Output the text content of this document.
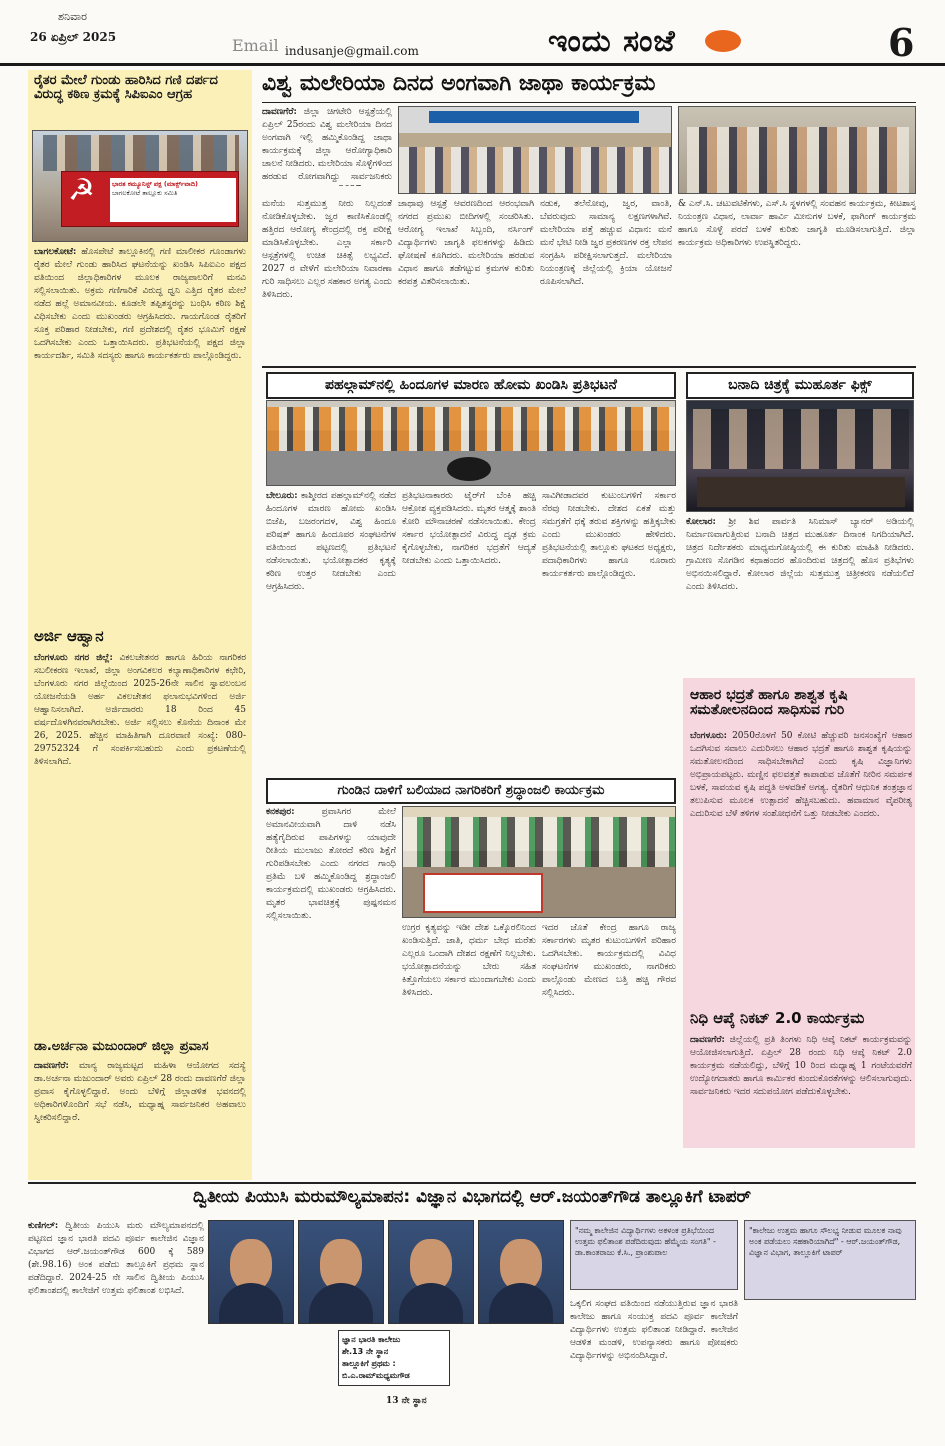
ಶನಿವಾರ
26 ಏಪ್ರಿಲ್ 2025	Email indusanje@gmail.com	ಇಂದು ಸಂಜೆ	6
ರೈತರ ಮೇಲೆ ಗುಂಡು ಹಾರಿಸಿದ ಗಣಿ ದರ್ಪದ ವಿರುದ್ಧ ಕಠಿಣ ಕ್ರಮಕ್ಕೆ ಸಿಪಿಐಎಂ ಆಗ್ರಹ
☭	ಭಾರತ ಕಮ್ಯೂನಿಸ್ಟ್ ಪಕ್ಷ (ಮಾರ್ಕ್ಸ್‌ವಾದಿ)
ಬಾಗಲಕೋಟೆ ತಾಲ್ಲೂಕು ಸಮಿತಿ
ಬಾಗಲಕೋಟೆ: ಹೊಸಪೇಟೆ ತಾಲ್ಲೂಕಿನಲ್ಲಿ ಗಣಿ ಮಾಲೀಕರ ಗೂಂಡಾಗಳು ರೈತರ ಮೇಲೆ ಗುಂಡು ಹಾರಿಸಿದ ಘಟನೆಯನ್ನು ಖಂಡಿಸಿ ಸಿಪಿಐಎಂ ಪಕ್ಷದ ವತಿಯಿಂದ ಜಿಲ್ಲಾಧಿಕಾರಿಗಳ ಮೂಲಕ ರಾಜ್ಯಪಾಲರಿಗೆ ಮನವಿ ಸಲ್ಲಿಸಲಾಯಿತು. ಅಕ್ರಮ ಗಣಿಗಾರಿಕೆ ವಿರುದ್ಧ ಧ್ವನಿ ಎತ್ತಿದ ರೈತರ ಮೇಲೆ ನಡೆದ ಹಲ್ಲೆ ಅಮಾನವೀಯ. ಕೂಡಲೇ ತಪ್ಪಿತಸ್ಥರನ್ನು ಬಂಧಿಸಿ ಕಠಿಣ ಶಿಕ್ಷೆ ವಿಧಿಸಬೇಕು ಎಂದು ಮುಖಂಡರು ಆಗ್ರಹಿಸಿದರು. ಗಾಯಗೊಂಡ ರೈತರಿಗೆ ಸೂಕ್ತ ಪರಿಹಾರ ನೀಡಬೇಕು, ಗಣಿ ಪ್ರದೇಶದಲ್ಲಿ ರೈತರ ಭೂಮಿಗೆ ರಕ್ಷಣೆ ಒದಗಿಸಬೇಕು ಎಂದು ಒತ್ತಾಯಿಸಿದರು. ಪ್ರತಿಭಟನೆಯಲ್ಲಿ ಪಕ್ಷದ ಜಿಲ್ಲಾ ಕಾರ್ಯದರ್ಶಿ, ಸಮಿತಿ ಸದಸ್ಯರು ಹಾಗೂ ಕಾರ್ಯಕರ್ತರು ಪಾಲ್ಗೊಂಡಿದ್ದರು.
ಅರ್ಜಿ ಆಹ್ವಾನ
ಬೆಂಗಳೂರು ನಗರ ಜಿಲ್ಲೆ: ವಿಕಲಚೇತನರ ಹಾಗೂ ಹಿರಿಯ ನಾಗರಿಕರ ಸಬಲೀಕರಣ ಇಲಾಖೆ, ಜಿಲ್ಲಾ ಅಂಗವಿಕಲರ ಕಲ್ಯಾಣಾಧಿಕಾರಿಗಳ ಕಛೇರಿ, ಬೆಂಗಳೂರು ನಗರ ಜಿಲ್ಲೆಯಿಂದ 2025-26ನೇ ಸಾಲಿನ ಸ್ವಾವಲಂಬನ ಯೋಜನೆಯಡಿ ಅರ್ಹ ವಿಕಲಚೇತನ ಫಲಾನುಭವಿಗಳಿಂದ ಅರ್ಜಿ ಆಹ್ವಾನಿಸಲಾಗಿದೆ. ಅರ್ಜಿದಾರರು 18 ರಿಂದ 45 ವರ್ಷದೊಳಗಿನವರಾಗಿರಬೇಕು. ಅರ್ಜಿ ಸಲ್ಲಿಸಲು ಕೊನೆಯ ದಿನಾಂಕ ಮೇ 26, 2025. ಹೆಚ್ಚಿನ ಮಾಹಿತಿಗಾಗಿ ದೂರವಾಣಿ ಸಂಖ್ಯೆ: 080-29752324 ಗೆ ಸಂಪರ್ಕಿಸಬಹುದು ಎಂದು ಪ್ರಕಟಣೆಯಲ್ಲಿ ತಿಳಿಸಲಾಗಿದೆ.
ಡಾ.ಅರ್ಚನಾ ಮಜುಂದಾರ್ ಜಿಲ್ಲಾ ಪ್ರವಾಸ
ದಾವಣಗೆರೆ: ಮಾನ್ಯ ರಾಜ್ಯಮಟ್ಟದ ಮಹಿಳಾ ಆಯೋಗದ ಸದಸ್ಯೆ ಡಾ.ಅರ್ಚನಾ ಮಜುಂದಾರ್ ಅವರು ಏಪ್ರಿಲ್ 28 ರಂದು ದಾವಣಗೆರೆ ಜಿಲ್ಲಾ ಪ್ರವಾಸ ಕೈಗೊಳ್ಳಲಿದ್ದಾರೆ. ಅಂದು ಬೆಳಿಗ್ಗೆ ಜಿಲ್ಲಾಡಳಿತ ಭವನದಲ್ಲಿ ಅಧಿಕಾರಿಗಳೊಂದಿಗೆ ಸಭೆ ನಡೆಸಿ, ಮಧ್ಯಾಹ್ನ ಸಾರ್ವಜನಿಕರ ಅಹವಾಲು ಸ್ವೀಕರಿಸಲಿದ್ದಾರೆ.
ವಿಶ್ವ ಮಲೇರಿಯಾ ದಿನದ ಅಂಗವಾಗಿ ಜಾಥಾ ಕಾರ್ಯಕ್ರಮ
ದಾವಣಗೆರೆ: ಜಿಲ್ಲಾ ಚಿಗಟೇರಿ ಆಸ್ಪತ್ರೆಯಲ್ಲಿ ಏಪ್ರಿಲ್ 25ರಂದು ವಿಶ್ವ ಮಲೇರಿಯಾ ದಿನದ ಅಂಗವಾಗಿ ಇಲ್ಲಿ ಹಮ್ಮಿಕೊಂಡಿದ್ದ ಜಾಥಾ ಕಾರ್ಯಕ್ರಮಕ್ಕೆ ಜಿಲ್ಲಾ ಆರೋಗ್ಯಾಧಿಕಾರಿ ಚಾಲನೆ ನೀಡಿದರು. ಮಲೇರಿಯಾ ಸೊಳ್ಳೆಗಳಿಂದ ಹರಡುವ ರೋಗವಾಗಿದ್ದು ಸಾರ್ವಜನಿಕರು
ಮನೆಯ ಸುತ್ತಮುತ್ತ ನೀರು ನಿಲ್ಲದಂತೆ ನೋಡಿಕೊಳ್ಳಬೇಕು. ಜ್ವರ ಕಾಣಿಸಿಕೊಂಡಲ್ಲಿ ಹತ್ತಿರದ ಆರೋಗ್ಯ ಕೇಂದ್ರದಲ್ಲಿ ರಕ್ತ ಪರೀಕ್ಷೆ ಮಾಡಿಸಿಕೊಳ್ಳಬೇಕು. ಎಲ್ಲಾ ಸರ್ಕಾರಿ ಆಸ್ಪತ್ರೆಗಳಲ್ಲಿ ಉಚಿತ ಚಿಕಿತ್ಸೆ ಲಭ್ಯವಿದೆ. 2027 ರ ವೇಳೆಗೆ ಮಲೇರಿಯಾ ನಿವಾರಣಾ ಗುರಿ ಸಾಧಿಸಲು ಎಲ್ಲರ ಸಹಕಾರ ಅಗತ್ಯ ಎಂದು ತಿಳಿಸಿದರು.
ಜಾಥಾವು ಆಸ್ಪತ್ರೆ ಆವರಣದಿಂದ ಆರಂಭವಾಗಿ ನಗರದ ಪ್ರಮುಖ ಬೀದಿಗಳಲ್ಲಿ ಸಂಚರಿಸಿತು. ಆರೋಗ್ಯ ಇಲಾಖೆ ಸಿಬ್ಬಂದಿ, ನರ್ಸಿಂಗ್ ವಿದ್ಯಾರ್ಥಿಗಳು ಜಾಗೃತಿ ಫಲಕಗಳನ್ನು ಹಿಡಿದು ಘೋಷಣೆ ಕೂಗಿದರು. ಮಲೇರಿಯಾ ಹರಡುವ ವಿಧಾನ ಹಾಗೂ ತಡೆಗಟ್ಟುವ ಕ್ರಮಗಳ ಕುರಿತು ಕರಪತ್ರ ವಿತರಿಸಲಾಯಿತು.
ನಡುಕ, ತಲೆನೋವು, ಜ್ವರ, ವಾಂತಿ, ಬೆವರುವುದು ಸಾಮಾನ್ಯ ಲಕ್ಷಣಗಳಾಗಿವೆ. ಮಲೇರಿಯಾ ಪತ್ತೆ ಹಚ್ಚುವ ವಿಧಾನ: ಮನೆ ಮನೆ ಭೇಟಿ ನೀಡಿ ಜ್ವರ ಪ್ರಕರಣಗಳ ರಕ್ತ ಲೇಪನ ಸಂಗ್ರಹಿಸಿ ಪರೀಕ್ಷಿಸಲಾಗುತ್ತದೆ. ಮಲೇರಿಯಾ ನಿಯಂತ್ರಣಕ್ಕೆ ಜಿಲ್ಲೆಯಲ್ಲಿ ಕ್ರಿಯಾ ಯೋಜನೆ ರೂಪಿಸಲಾಗಿದೆ.
& ಎನ್.ಸಿ. ಚಟುವಟಿಕೆಗಳು, ಎಸ್.ಸಿ ಸ್ಥಳಗಳಲ್ಲಿ ಸಂವಹನ ಕಾರ್ಯಕ್ರಮ, ಕೀಟಶಾಸ್ತ್ರ ನಿಯಂತ್ರಣ ವಿಧಾನ, ಲಾರ್ವಾ ಹಾರ್ವಿ ಮೀನುಗಳ ಬಳಕೆ, ಫಾಗಿಂಗ್ ಕಾರ್ಯಕ್ರಮ ಹಾಗೂ ಸೊಳ್ಳೆ ಪರದೆ ಬಳಕೆ ಕುರಿತು ಜಾಗೃತಿ ಮೂಡಿಸಲಾಗುತ್ತಿದೆ. ಜಿಲ್ಲಾ ಕಾರ್ಯಕ್ರಮ ಅಧಿಕಾರಿಗಳು ಉಪಸ್ಥಿತರಿದ್ದರು.
ಪಹಲ್ಗಾಮ್‌ನಲ್ಲಿ ಹಿಂದೂಗಳ ಮಾರಣ ಹೋಮ ಖಂಡಿಸಿ ಪ್ರತಿಭಟನೆ
ಬೇಲೂರು: ಕಾಶ್ಮೀರದ ಪಹಲ್ಗಾಮ್‌ನಲ್ಲಿ ನಡೆದ ಹಿಂದೂಗಳ ಮಾರಣ ಹೋಮ ಖಂಡಿಸಿ ಬಿಜೆಪಿ, ಬಜರಂಗದಳ, ವಿಶ್ವ ಹಿಂದೂ ಪರಿಷತ್ ಹಾಗೂ ಹಿಂದೂಪರ ಸಂಘಟನೆಗಳ ವತಿಯಿಂದ ಪಟ್ಟಣದಲ್ಲಿ ಪ್ರತಿಭಟನೆ ನಡೆಸಲಾಯಿತು. ಭಯೋತ್ಪಾದಕರ ಕೃತ್ಯಕ್ಕೆ ಕಠಿಣ ಉತ್ತರ ನೀಡಬೇಕು ಎಂದು ಆಗ್ರಹಿಸಿದರು.
ಪ್ರತಿಭಟನಾಕಾರರು ಟೈರ್‌ಗೆ ಬೆಂಕಿ ಹಚ್ಚಿ ಆಕ್ರೋಶ ವ್ಯಕ್ತಪಡಿಸಿದರು. ಮೃತರ ಆತ್ಮಕ್ಕೆ ಶಾಂತಿ ಕೋರಿ ಮೌನಾಚರಣೆ ನಡೆಸಲಾಯಿತು. ಕೇಂದ್ರ ಸರ್ಕಾರ ಭಯೋತ್ಪಾದನೆ ವಿರುದ್ಧ ದೃಢ ಕ್ರಮ ಕೈಗೊಳ್ಳಬೇಕು, ನಾಗರಿಕರ ಭದ್ರತೆಗೆ ಆದ್ಯತೆ ನೀಡಬೇಕು ಎಂದು ಒತ್ತಾಯಿಸಿದರು.
ಸಾವಿಗೀಡಾದವರ ಕುಟುಂಬಗಳಿಗೆ ಸರ್ಕಾರ ನೆರವು ನೀಡಬೇಕು. ದೇಶದ ಏಕತೆ ಮತ್ತು ಸಮಗ್ರತೆಗೆ ಧಕ್ಕೆ ತರುವ ಶಕ್ತಿಗಳನ್ನು ಹತ್ತಿಕ್ಕಬೇಕು ಎಂದು ಮುಖಂಡರು ಹೇಳಿದರು. ಪ್ರತಿಭಟನೆಯಲ್ಲಿ ತಾಲ್ಲೂಕು ಘಟಕದ ಅಧ್ಯಕ್ಷರು, ಪದಾಧಿಕಾರಿಗಳು ಹಾಗೂ ನೂರಾರು ಕಾರ್ಯಕರ್ತರು ಪಾಲ್ಗೊಂಡಿದ್ದರು.
ಗುಂಡಿನ ದಾಳಿಗೆ ಬಲಿಯಾದ ನಾಗರಿಕರಿಗೆ ಶ್ರದ್ಧಾಂಜಲಿ ಕಾರ್ಯಕ್ರಮ
ಕನಕಪುರ:	ಪ್ರವಾಸಿಗರ ಮೇಲೆ ಅಮಾನವೀಯವಾಗಿ ದಾಳಿ ನಡೆಸಿ ಹತ್ಯೆಗೈದಿರುವ ಪಾಪಿಗಳನ್ನು ಯಾವುದೇ ರೀತಿಯ ಮುಲಾಜು ತೋರದೆ ಕಠಿಣ ಶಿಕ್ಷೆಗೆ ಗುರಿಪಡಿಸಬೇಕು ಎಂದು ನಗರದ ಗಾಂಧಿ ಪ್ರತಿಮೆ ಬಳಿ ಹಮ್ಮಿಕೊಂಡಿದ್ದ ಶ್ರದ್ಧಾಂಜಲಿ ಕಾರ್ಯಕ್ರಮದಲ್ಲಿ ಮುಖಂಡರು ಆಗ್ರಹಿಸಿದರು. ಮೃತರ ಭಾವಚಿತ್ರಕ್ಕೆ ಪುಷ್ಪನಮನ ಸಲ್ಲಿಸಲಾಯಿತು.
ಉಗ್ರರ ಕೃತ್ಯವನ್ನು ಇಡೀ ದೇಶ ಒಕ್ಕೊರಲಿನಿಂದ ಖಂಡಿಸುತ್ತಿದೆ. ಜಾತಿ, ಧರ್ಮ ಬೇಧ ಮರೆತು ಎಲ್ಲರೂ ಒಂದಾಗಿ ದೇಶದ ರಕ್ಷಣೆಗೆ ನಿಲ್ಲಬೇಕು. ಭಯೋತ್ಪಾದನೆಯನ್ನು ಬೇರು ಸಹಿತ ಕಿತ್ತೊಗೆಯಲು ಸರ್ಕಾರ ಮುಂದಾಗಬೇಕು ಎಂದು ತಿಳಿಸಿದರು.
ಇದರ ಜೊತೆ ಕೇಂದ್ರ ಹಾಗೂ ರಾಜ್ಯ ಸರ್ಕಾರಗಳು ಮೃತರ ಕುಟುಂಬಗಳಿಗೆ ಪರಿಹಾರ ಒದಗಿಸಬೇಕು. ಕಾರ್ಯಕ್ರಮದಲ್ಲಿ ವಿವಿಧ ಸಂಘಟನೆಗಳ ಮುಖಂಡರು, ನಾಗರಿಕರು ಪಾಲ್ಗೊಂಡು ಮೇಣದ ಬತ್ತಿ ಹಚ್ಚಿ ಗೌರವ ಸಲ್ಲಿಸಿದರು.
ಬನಾದಿ ಚಿತ್ರಕ್ಕೆ ಮುಹೂರ್ತ ಫಿಕ್ಸ್
ಕೋಲಾರ: ಶ್ರೀ ಶಿವ ಪಾರ್ವತಿ ಸಿನಿಮಾಸ್ ಬ್ಯಾನರ್ ಅಡಿಯಲ್ಲಿ ನಿರ್ಮಾಣವಾಗುತ್ತಿರುವ ಬನಾದಿ ಚಿತ್ರದ ಮುಹೂರ್ತ ದಿನಾಂಕ ನಿಗದಿಯಾಗಿದೆ. ಚಿತ್ರದ ನಿರ್ದೇಶಕರು ಮಾಧ್ಯಮಗೋಷ್ಠಿಯಲ್ಲಿ ಈ ಕುರಿತು ಮಾಹಿತಿ ನೀಡಿದರು. ಗ್ರಾಮೀಣ ಸೊಗಡಿನ ಕಥಾಹಂದರ ಹೊಂದಿರುವ ಚಿತ್ರದಲ್ಲಿ ಹೊಸ ಪ್ರತಿಭೆಗಳು ಅಭಿನಯಿಸಲಿದ್ದಾರೆ. ಕೋಲಾರ ಜಿಲ್ಲೆಯ ಸುತ್ತಮುತ್ತ ಚಿತ್ರೀಕರಣ ನಡೆಯಲಿದೆ ಎಂದು ತಿಳಿಸಿದರು.
ಆಹಾರ ಭದ್ರತೆ ಹಾಗೂ ಶಾಶ್ವತ ಕೃಷಿ ಸಮತೋಲನದಿಂದ ಸಾಧಿಸುವ ಗುರಿ
ಬೆಂಗಳೂರು: 2050ರೊಳಗೆ 50 ಕೋಟಿ ಹೆಚ್ಚುವರಿ ಜನಸಂಖ್ಯೆಗೆ ಆಹಾರ ಒದಗಿಸುವ ಸವಾಲು ಎದುರಿಸಲು ಆಹಾರ ಭದ್ರತೆ ಹಾಗೂ ಶಾಶ್ವತ ಕೃಷಿಯನ್ನು ಸಮತೋಲನದಿಂದ ಸಾಧಿಸಬೇಕಾಗಿದೆ ಎಂದು ಕೃಷಿ ವಿಜ್ಞಾನಿಗಳು ಅಭಿಪ್ರಾಯಪಟ್ಟರು. ಮಣ್ಣಿನ ಫಲವತ್ತತೆ ಕಾಪಾಡುವ ಜೊತೆಗೆ ನೀರಿನ ಸಮರ್ಪಕ ಬಳಕೆ, ಸಾವಯವ ಕೃಷಿ ಪದ್ಧತಿ ಅಳವಡಿಕೆ ಅಗತ್ಯ. ರೈತರಿಗೆ ಆಧುನಿಕ ತಂತ್ರಜ್ಞಾನ ತಲುಪಿಸುವ ಮೂಲಕ ಉತ್ಪಾದನೆ ಹೆಚ್ಚಿಸಬಹುದು. ಹವಾಮಾನ ವೈಪರೀತ್ಯ ಎದುರಿಸುವ ಬೆಳೆ ತಳಿಗಳ ಸಂಶೋಧನೆಗೆ ಒತ್ತು ನೀಡಬೇಕು ಎಂದರು.
ನಿಧಿ ಆಪ್ಕೆ ನಿಕಟ್ 2.0 ಕಾರ್ಯಕ್ರಮ
ದಾವಣಗೆರೆ: ಜಿಲ್ಲೆಯಲ್ಲಿ ಪ್ರತಿ ತಿಂಗಳು ನಿಧಿ ಆಪ್ಕೆ ನಿಕಟ್ ಕಾರ್ಯಕ್ರಮವನ್ನು ಆಯೋಜಿಸಲಾಗುತ್ತಿದೆ. ಏಪ್ರಿಲ್ 28 ರಂದು ನಿಧಿ ಆಪ್ಕೆ ನಿಕಟ್ 2.0 ಕಾರ್ಯಕ್ರಮ ನಡೆಯಲಿದ್ದು, ಬೆಳಿಗ್ಗೆ 10 ರಿಂದ ಮಧ್ಯಾಹ್ನ 1 ಗಂಟೆಯವರೆಗೆ ಉದ್ಯೋಗದಾತರು ಹಾಗೂ ಕಾರ್ಮಿಕರ ಕುಂದುಕೊರತೆಗಳನ್ನು ಆಲಿಸಲಾಗುವುದು. ಸಾರ್ವಜನಿಕರು ಇದರ ಸದುಪಯೋಗ ಪಡೆದುಕೊಳ್ಳಬೇಕು.
ದ್ವಿತೀಯ ಪಿಯುಸಿ ಮರುಮೌಲ್ಯಮಾಪನ: ವಿಜ್ಞಾನ ವಿಭಾಗದಲ್ಲಿ ಆರ್.ಜಯಂತ್‌ಗೌಡ ತಾಲ್ಲೂಕಿಗೆ ಟಾಪರ್
ಕುಣಿಗಲ್: ದ್ವಿತೀಯ ಪಿಯುಸಿ ಮರು ಮೌಲ್ಯಮಾಪನದಲ್ಲಿ ಪಟ್ಟಣದ ಜ್ಞಾನ ಭಾರತಿ ಪದವಿ ಪೂರ್ವ ಕಾಲೇಜಿನ ವಿಜ್ಞಾನ ವಿಭಾಗದ ಆರ್.ಜಯಂತ್‌ಗೌಡ 600 ಕ್ಕೆ 589 (ಶೇ.98.16) ಅಂಕ ಪಡೆದು ತಾಲ್ಲೂಕಿಗೆ ಪ್ರಥಮ ಸ್ಥಾನ ಪಡೆದಿದ್ದಾರೆ. 2024-25 ನೇ ಸಾಲಿನ ದ್ವಿತೀಯ ಪಿಯುಸಿ ಫಲಿತಾಂಶದಲ್ಲಿ ಕಾಲೇಜಿಗೆ ಉತ್ತಮ ಫಲಿತಾಂಶ ಲಭಿಸಿದೆ.
ಜ್ಞಾನ ಭಾರತಿ ಕಾಲೇಜು
ಶೇ.13 ನೇ ಸ್ಥಾನ
ತಾಲ್ಲೂಕಿಗೆ ಪ್ರಥಮ :
ಬಿ.ಎ.ರಾಮ್‌ಮಧ್ಯಮಗೌಡ
13 ನೇ ಸ್ಥಾನ
"ನಮ್ಮ ಕಾಲೇಜಿನ ವಿದ್ಯಾರ್ಥಿಗಳು ಅಕಳಂಕ ಪ್ರತಿಭೆಯಿಂದ ಉತ್ತಮ ಫಲಿತಾಂಶ ಪಡೆದಿರುವುದು ಹೆಮ್ಮೆಯ ಸಂಗತಿ" - ಡಾ.ಕಾಂತರಾಜು ಕೆ.ಸಿ., ಪ್ರಾಂಶುಪಾಲ
"ಕಾಲೇಜು ಉತ್ತಮ ಹಾಗೂ ಸೌಲಭ್ಯ ನೀಡುವ ಮೂಲಕ ನಾವು ಅಂಕ ಪಡೆಯಲು ಸಹಕಾರಿಯಾಗಿದೆ" - ಆರ್.ಜಯಂತ್‌ಗೌಡ, ವಿಜ್ಞಾನ ವಿಭಾಗ, ತಾಲ್ಲೂಕಿಗೆ ಟಾಪರ್
ಒಕ್ಕಲಿಗ ಸಂಘದ ವತಿಯಿಂದ ನಡೆಯುತ್ತಿರುವ ಜ್ಞಾನ ಭಾರತಿ ಕಾಲೇಜು ಹಾಗೂ ಸಂಯುಕ್ತ ಪದವಿ ಪೂರ್ವ ಕಾಲೇಜಿಗೆ ವಿದ್ಯಾರ್ಥಿಗಳು ಉತ್ತಮ ಫಲಿತಾಂಶ ನೀಡಿದ್ದಾರೆ. ಕಾಲೇಜಿನ ಆಡಳಿತ ಮಂಡಳಿ, ಉಪನ್ಯಾಸಕರು ಹಾಗೂ ಪೋಷಕರು ವಿದ್ಯಾರ್ಥಿಗಳನ್ನು ಅಭಿನಂದಿಸಿದ್ದಾರೆ.
